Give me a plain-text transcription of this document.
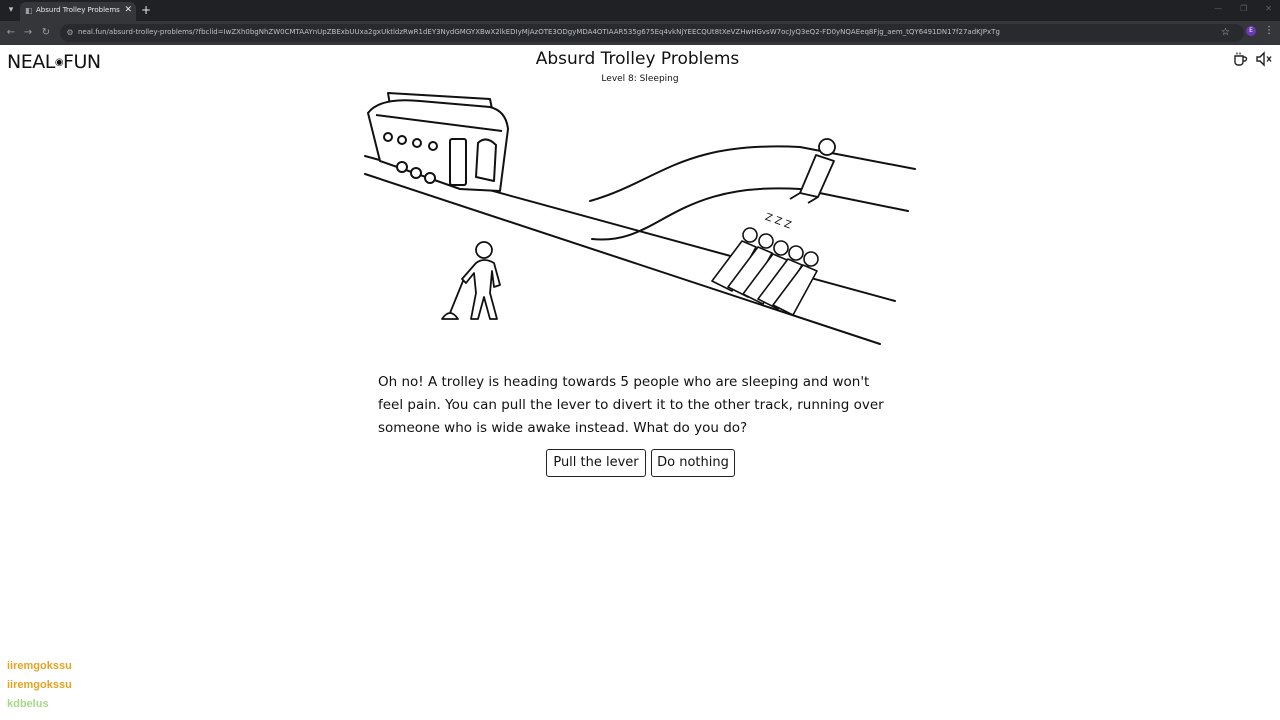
▾	◧ Absurd Trolley Problems ✕ +	— ❐ ✕
← → ↻	⚙ neal.fun/absurd-trolley-problems/?fbclid=IwZXh0bgNhZW0CMTAAYnUpZBExbUUxa2gxUktldzRwR1dEY3NydGMGYXBwX2lkEDIyMjAzOTE3ODgyMDA4OTIAAR535g675Eq4vkNjYEECQUt8tXeVZHwHGvsW7ocJyQ3eQ2-FD0yNQAEeq8Fjg_aem_tQY6491DN17f27adKJPxTg	☆	E	⋮
NEAL◉FUN	Absurd Trolley Problems
Level 8: Sleeping
Z Z Z

Oh no! A trolley is heading towards 5 people who are sleeping and won't feel pain. You can pull the lever to divert it to the other track, running over someone who is wide awake instead. What do you do?

Pull the lever	Do nothing
iiremgokssu
iiremgokssu
kdbelus
